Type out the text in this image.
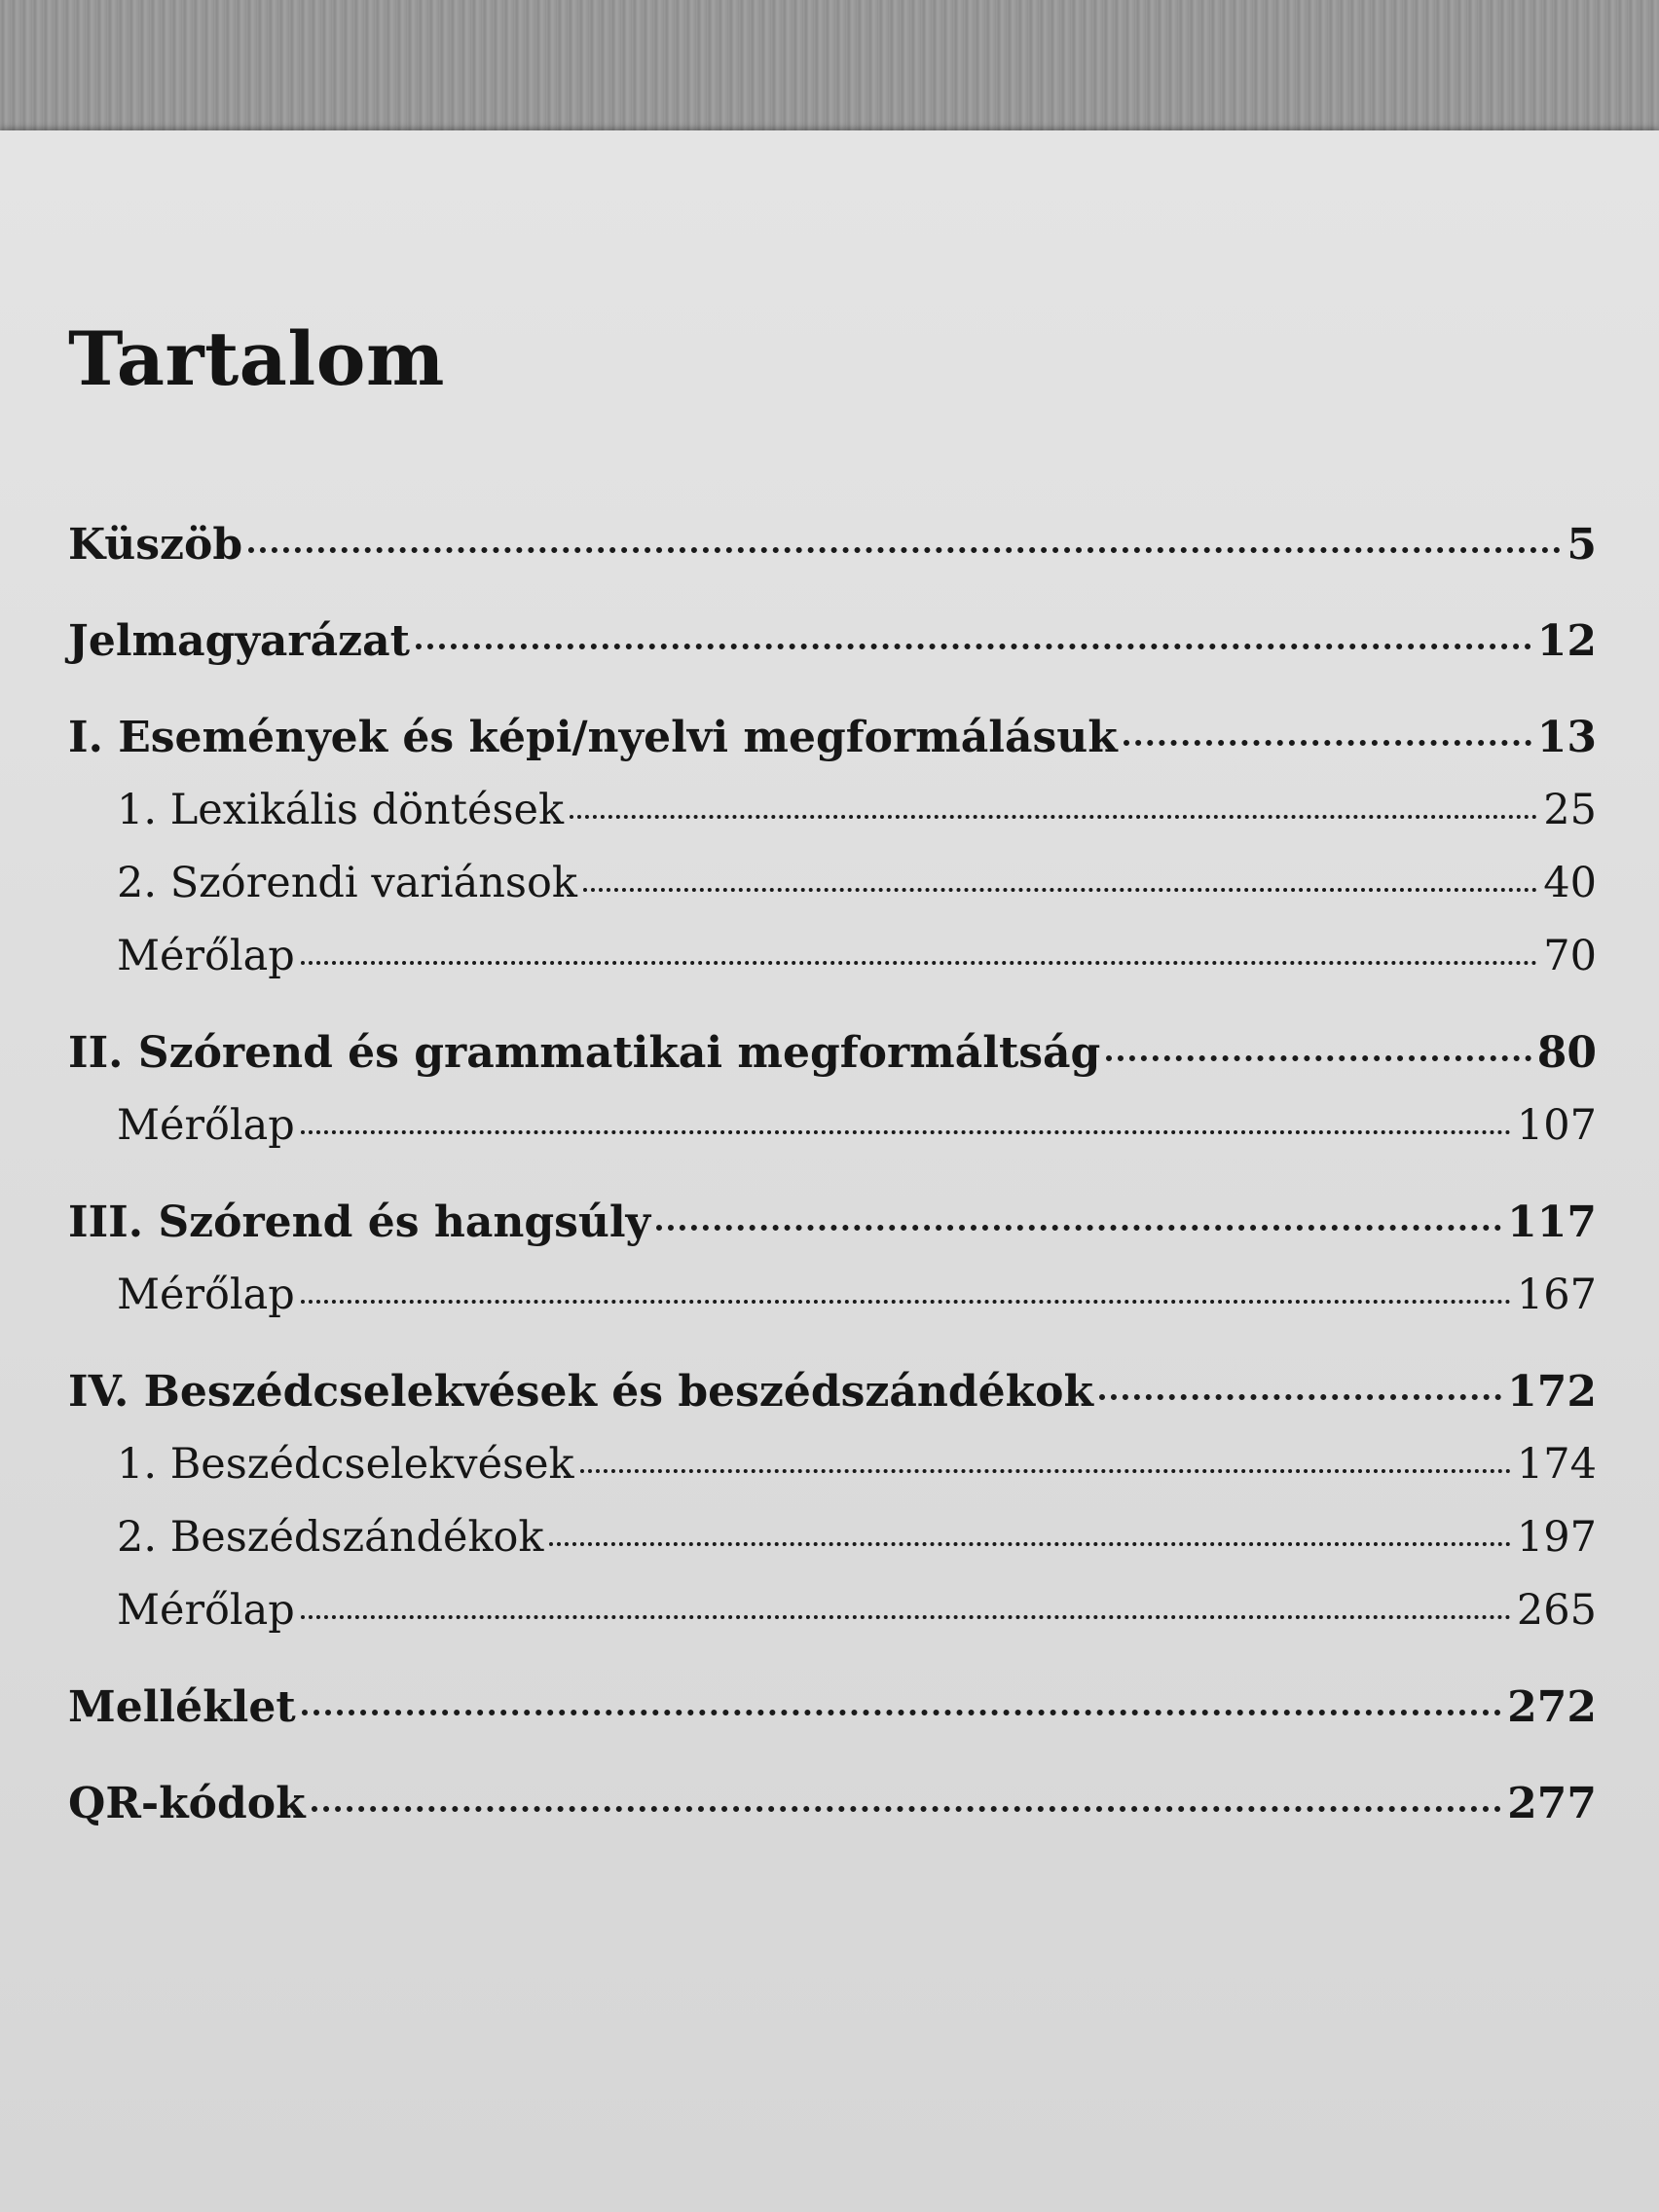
Tartalom
Küszöb	5
Jelmagyarázat	12
I. Események és képi/nyelvi megformálásuk	13
1. Lexikális döntések	25
2. Szórendi variánsok	40
Mérőlap	70
II. Szórend és grammatikai megformáltság	80
Mérőlap	107
III. Szórend és hangsúly	117
Mérőlap	167
IV. Beszédcselekvések és beszédszándékok	172
1. Beszédcselekvések	174
2. Beszédszándékok	197
Mérőlap	265
Melléklet	272
QR-kódok	277
